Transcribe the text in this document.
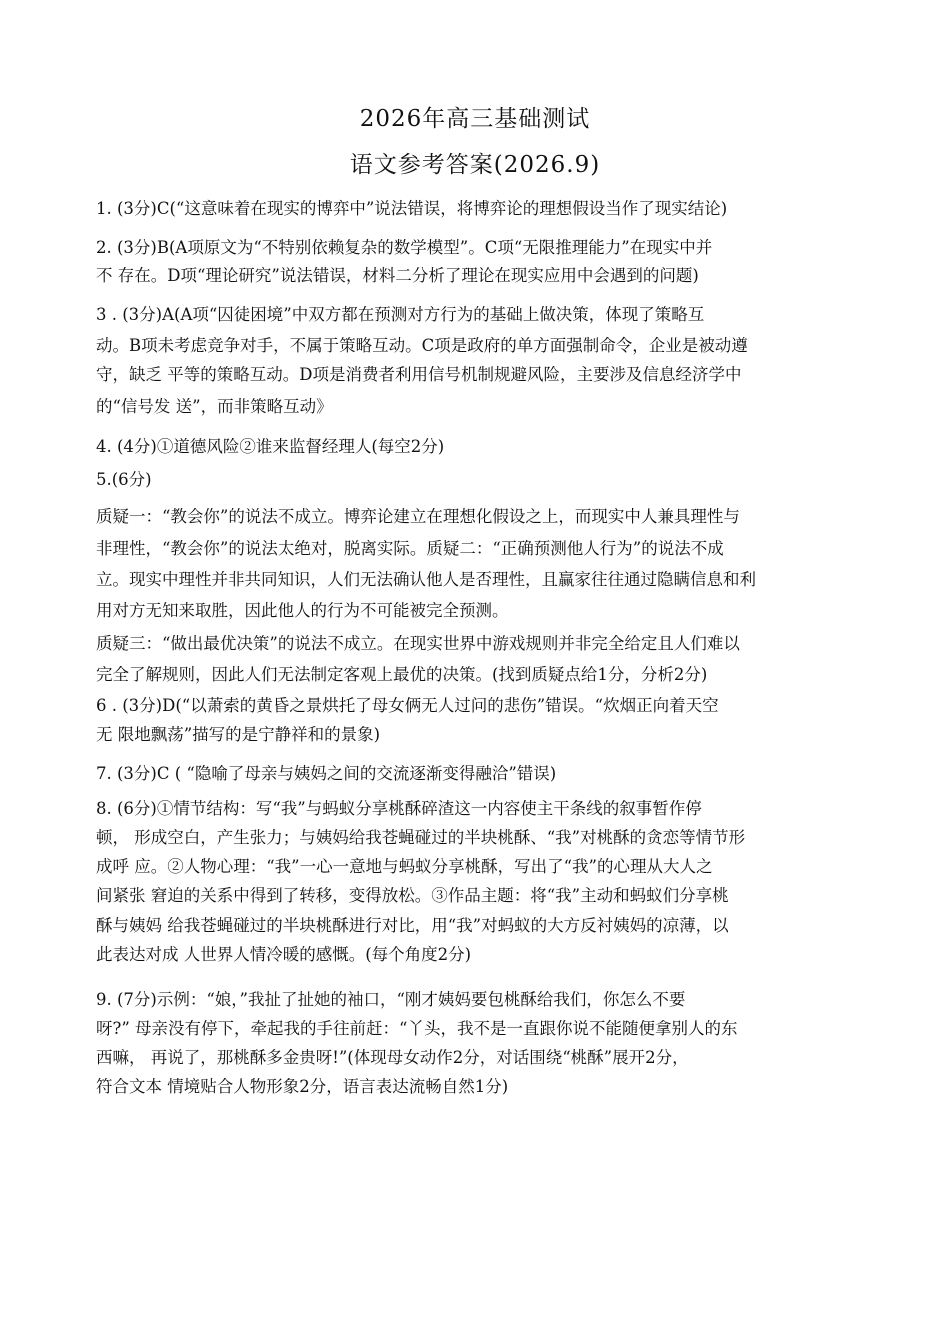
2026年高三基础测试
语文参考答案(2026.9)

1. (3分)C(“这意味着在现实的博弈中”说法错误，将博弈论的理想假设当作了现实结论)

2. (3分)B(A项原文为“不特别依赖复杂的数学模型”。C项“无限推理能力”在现实中并

不 存在。D项“理论研究”说法错误，材料二分析了理论在现实应用中会遇到的问题)

3 . (3分)A(A项“囚徒困境”中双方都在预测对方行为的基础上做决策，体现了策略互

动。B项未考虑竞争对手，不属于策略互动。C项是政府的单方面强制命令，企业是被动遵

守，缺乏 平等的策略互动。D项是消费者利用信号机制规避风险，主要涉及信息经济学中

的“信号发 送”，而非策略互动》

4. (4分)①道德风险②谁来监督经理人(每空2分)

5.(6分)

质疑一：“教会你”的说法不成立。博弈论建立在理想化假设之上，而现实中人兼具理性与

非理性，“教会你”的说法太绝对，脱离实际。质疑二：“正确预测他人行为”的说法不成

立。现实中理性并非共同知识，人们无法确认他人是否理性，且赢家往往通过隐瞒信息和利

用对方无知来取胜，因此他人的行为不可能被完全预测。

质疑三：“做出最优决策”的说法不成立。在现实世界中游戏规则并非完全给定且人们难以

完全了解规则，因此人们无法制定客观上最优的决策。(找到质疑点给1分，分析2分)

6 . (3分)D(“以萧索的黄昏之景烘托了母女俩无人过问的悲伤”错误。“炊烟正向着天空

无 限地飘荡”描写的是宁静祥和的景象)

7. (3分)C ( “隐喻了母亲与姨妈之间的交流逐渐变得融洽”错误)

8. (6分)①情节结构：写“我”与蚂蚁分享桃酥碎渣这一内容使主干条线的叙事暂作停

顿， 形成空白，产生张力；与姨妈给我苍蝇碰过的半块桃酥、“我”对桃酥的贪恋等情节形

成呼 应。②人物心理：“我”一心一意地与蚂蚁分享桃酥，写出了“我”的心理从大人之

间紧张 窘迫的关系中得到了转移，变得放松。③作品主题：将“我”主动和蚂蚁们分享桃

酥与姨妈 给我苍蝇碰过的半块桃酥进行对比，用“我”对蚂蚁的大方反衬姨妈的凉薄，以

此表达对成 人世界人情冷暖的感慨。(每个角度2分)

9. (7分)示例：“娘，”我扯了扯她的袖口，“刚才姨妈要包桃酥给我们，你怎么不要

呀?” 母亲没有停下，牵起我的手往前赶：“丫头，我不是一直跟你说不能随便拿别人的东

西嘛， 再说了，那桃酥多金贵呀!”(体现母女动作2分，对话围绕“桃酥”展开2分，

符合文本 情境贴合人物形象2分，语言表达流畅自然1分)
